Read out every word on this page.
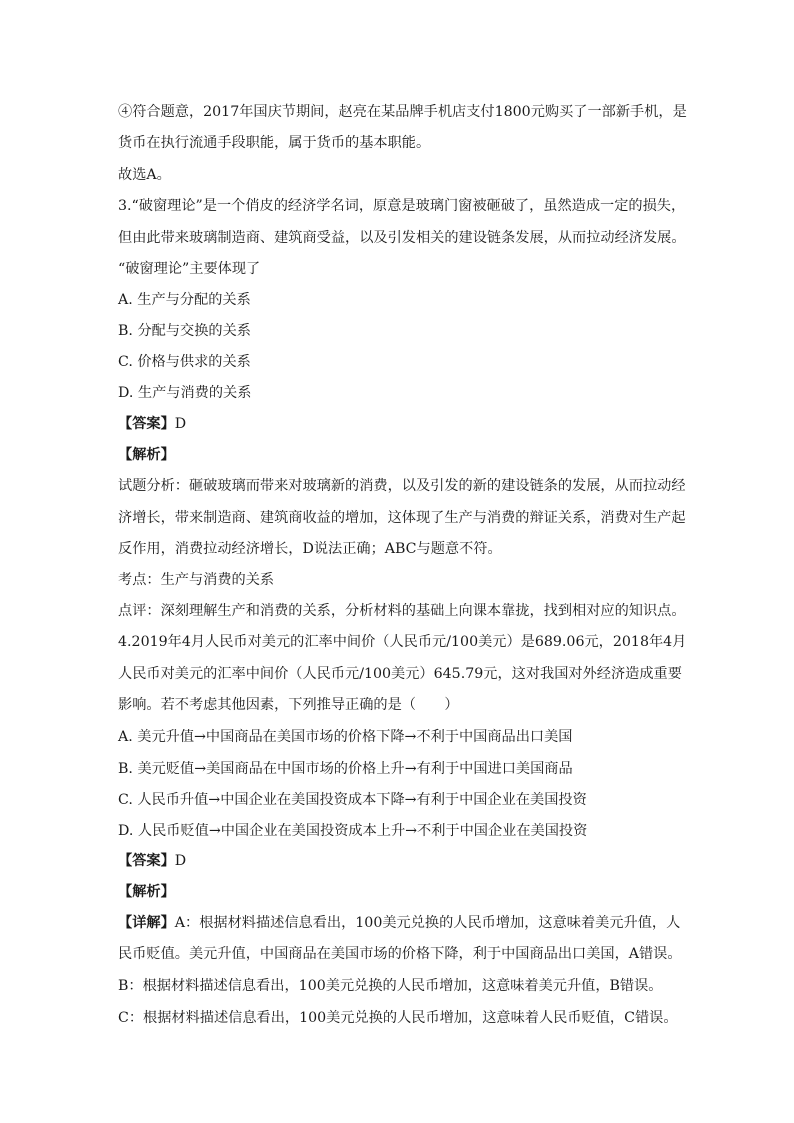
④符合题意，2017年国庆节期间，赵亮在某品牌手机店支付1800元购买了一部新手机，是
货币在执行流通手段职能，属于货币的基本职能。
故选A。
3.“破窗理论”是一个俏皮的经济学名词，原意是玻璃门窗被砸破了，虽然造成一定的损失，
但由此带来玻璃制造商、建筑商受益，以及引发相关的建设链条发展，从而拉动经济发展。
“破窗理论”主要体现了
A. 生产与分配的关系
B. 分配与交换的关系
C. 价格与供求的关系
D. 生产与消费的关系
【答案】D
【解析】
试题分析：砸破玻璃而带来对玻璃新的消费，以及引发的新的建设链条的发展，从而拉动经
济增长，带来制造商、建筑商收益的增加，这体现了生产与消费的辩证关系，消费对生产起
反作用，消费拉动经济增长，D说法正确；ABC与题意不符。
考点：生产与消费的关系
点评：深刻理解生产和消费的关系，分析材料的基础上向课本靠拢，找到相对应的知识点。
4.2019年4月人民币对美元的汇率中间价（人民币元/100美元）是689.06元，2018年4月
人民币对美元的汇率中间价（人民币元/100美元）645.79元，这对我国对外经济造成重要
影响。若不考虑其他因素，下列推导正确的是（　　）
A. 美元升值→中国商品在美国市场的价格下降→不利于中国商品出口美国
B. 美元贬值→美国商品在中国市场的价格上升→有利于中国进口美国商品
C. 人民币升值→中国企业在美国投资成本下降→有利于中国企业在美国投资
D. 人民币贬值→中国企业在美国投资成本上升→不利于中国企业在美国投资
【答案】D
【解析】
【详解】A：根据材料描述信息看出，100美元兑换的人民币增加，这意味着美元升值，人
民币贬值。美元升值，中国商品在美国市场的价格下降，利于中国商品出口美国，A错误。
B：根据材料描述信息看出，100美元兑换的人民币增加，这意味着美元升值，B错误。
C：根据材料描述信息看出，100美元兑换的人民币增加，这意味着人民币贬值，C错误。
